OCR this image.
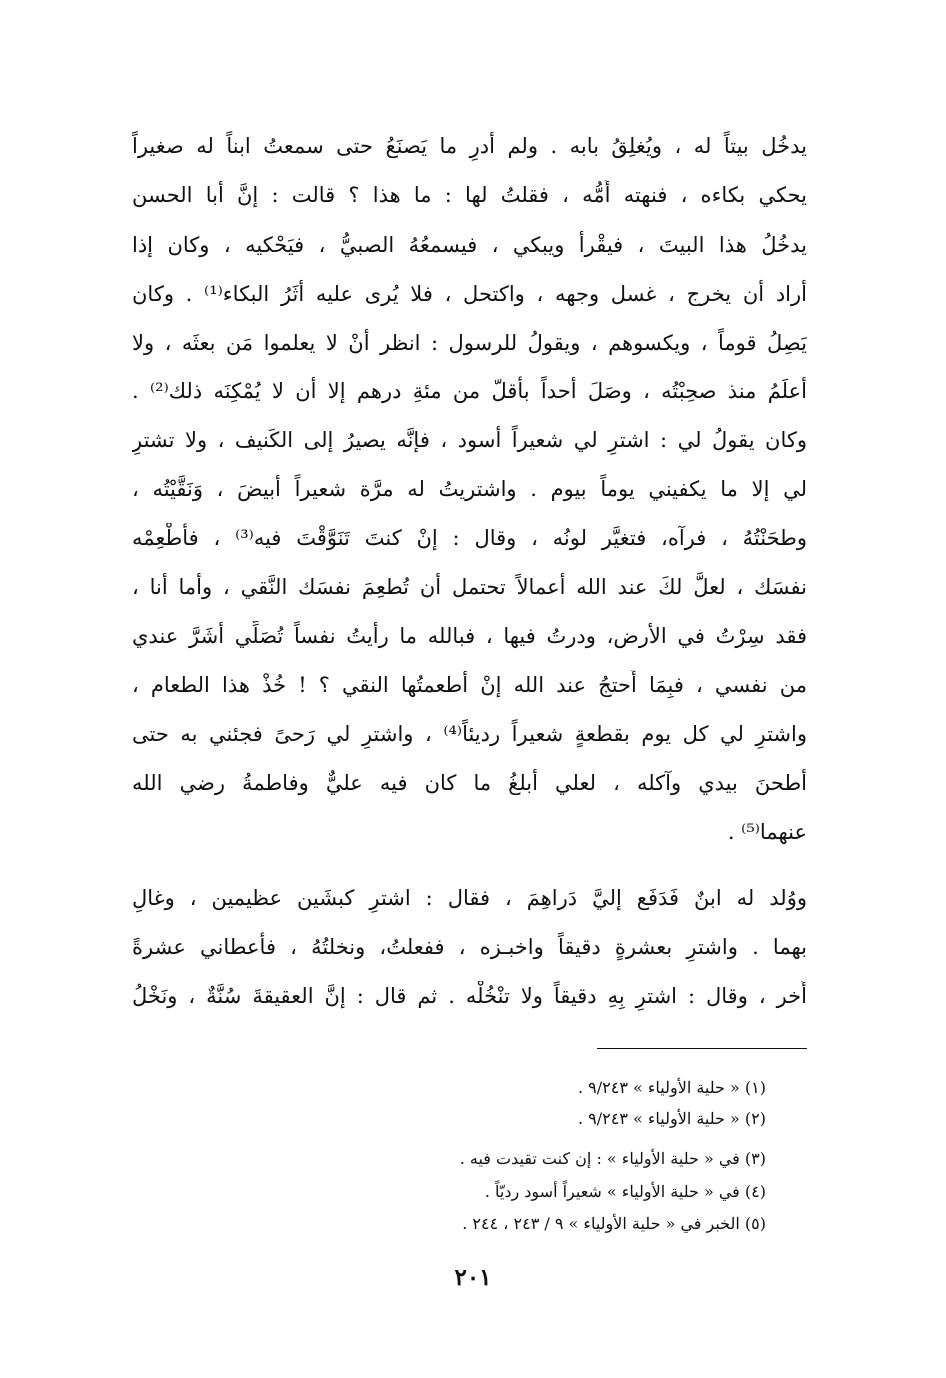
يدخُل بيتاً له ، ويُغلِقُ بابه . ولم أدرِ ما يَصنَعُ حتى سمعتُ ابناً له صغيراً
يحكي بكاءه ، فنهته أُمُّه ، فقلتُ لها : ما هذا ؟ قالت : إنَّ أبا الحسن
يدخُلُ هذا البيتَ ، فيقْرأ ويبكي ، فيسمعُهُ الصبيُّ ، فيَحْكيه ، وكان إذا
أراد أن يخرج ، غسل وجهه ، واكتحل ، فلا يُرى عليه أثَرُ البكاء⁽¹⁾ . وكان
يَصِلُ قوماً ، ويكسوهم ، ويقولُ للرسول : انظر أنْ لا يعلموا مَن بعثَه ، ولا
أعلَمُ منذ صحِبْتُه ، وصَلَ أحداً بأقلّ من مئةِ درهم إلا أن لا يُمْكِنَه ذلك⁽²⁾ .
وكان يقولُ لي : اشترِ لي شعيراً أسود ، فإنَّه يصيرُ إلى الكَنيف ، ولا تشترِ
لي إلا ما يكفيني يوماً بيوم . واشتريتُ له مرَّة شعيراً أبيضَ ، وَنَقَّيْتُه ،
وطحَنْتُهُ ، فرآه، فتغيَّر لونُه ، وقال : إنْ كنتَ تَنَوَّقْتَ فيه⁽³⁾ ، فأطْعِمْه
نفسَك ، لعلَّ لكَ عند الله أعمالاً تحتمل أن تُطعِمَ نفسَك النَّقي ، وأما أنا ،
فقد سِرْتُ في الأرض، ودرتُ فيها ، فبالله ما رأيتُ نفساً تُصَلِّي أشَرَّ عندي
من نفسي ، فبِمَا أَحتجُ عند الله إنْ أطعمتُها النقي ؟ ! خُذْ هذا الطعام ،
واشترِ لي كل يوم بقطعةٍ شعيراً رديئاً⁽⁴⁾ ، واشترِ لي رَحىً فجئني به حتى
أطحنَ بيدي وآكله ، لعلي أبلغُ ما كان فيه عليٌّ وفاطمةُ رضي الله
عنهما⁽⁵⁾ .
ووُلد له ابنٌ فَدَفَع إليَّ دَراهِمَ ، فقال : اشترِ كبشَين عظيمين ، وغالِ
بهما . واشترِ بعشرةٍ دقيقاً واخبـزه ، ففعلتُ، ونخلتُهُ ، فأعطاني عشرةً
أُخر ، وقال : اشترِ بِهِ دقيقاً ولا تنْخُلْه . ثم قال : إنَّ العقيقةَ سُنَّةٌ ، ونَخْلُ
(١) « حلية الأولياء » ٩/٢٤٣ .
(٢) « حلية الأولياء » ٩/٢٤٣ .
(٣) في « حلية الأولياء » : إن كنت تقيدت فيه .
(٤) في « حلية الأولياء » شعيراً أسود رديّاً .
(٥) الخبر في « حلية الأولياء » ٩ / ٢٤٣ ، ٢٤٤ .
٢٠١
